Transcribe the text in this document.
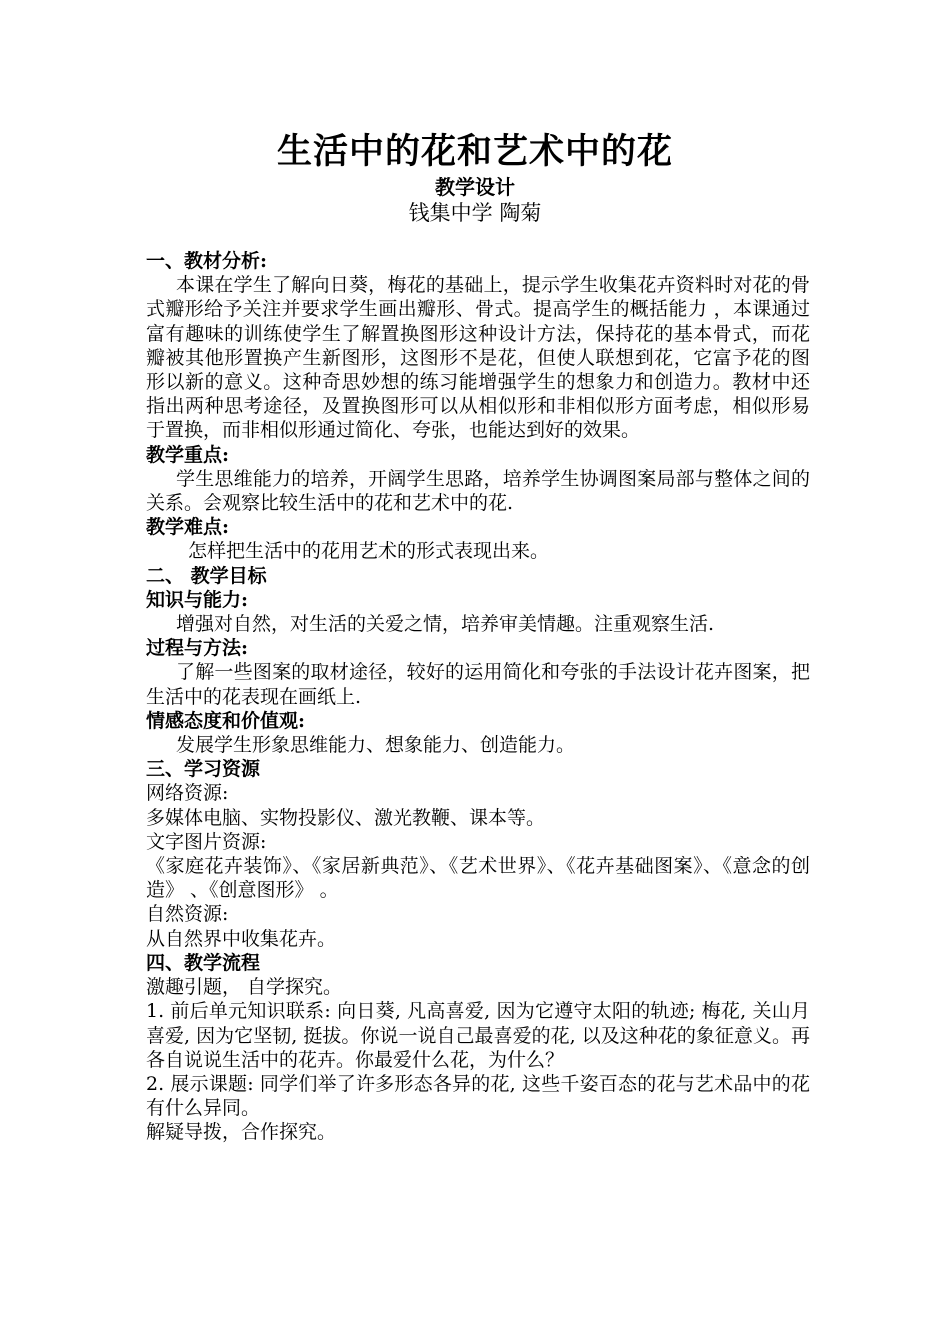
生活中的花和艺术中的花
教学设计
钱集中学 陶菊

一、教材分析:

本课在学生了解向日葵，梅花的基础上，提示学生收集花卉资料时对花的骨式瓣形给予关注并要求学生画出瓣形、骨式。提高学生的概括能力 ，本课通过富有趣味的训练使学生了解置换图形这种设计方法，保持花的基本骨式，而花瓣被其他形置换产生新图形，这图形不是花，但使人联想到花，它富予花的图形以新的意义。这种奇思妙想的练习能增强学生的想象力和创造力。教材中还指出两种思考途径，及置换图形可以从相似形和非相似形方面考虑，相似形易于置换，而非相似形通过简化、夸张，也能达到好的效果。

教学重点:

学生思维能力的培养，开阔学生思路，培养学生协调图案局部与整体之间的关系。会观察比较生活中的花和艺术中的花.

教学难点:

怎样把生活中的花用艺术的形式表现出来。

二、 教学目标

知识与能力:

增强对自然，对生活的关爱之情，培养审美情趣。注重观察生活.

过程与方法:

了解一些图案的取材途径，较好的运用简化和夸张的手法设计花卉图案，把生活中的花表现在画纸上.

情感态度和价值观:

发展学生形象思维能力、想象能力、创造能力。

三、学习资源

网络资源:

多媒体电脑、实物投影仪、激光教鞭、课本等。

文字图片资源:

《家庭花卉装饰》、《家居新典范》、《艺术世界》、《花卉基础图案》、《意念的创造》 、《创意图形》 。

自然资源:

从自然界中收集花卉。

四、教学流程

激趣引题， 自学探究。

1. 前后单元知识联系: 向日葵, 凡高喜爱, 因为它遵守太阳的轨迹; 梅花, 关山月喜爱, 因为它坚韧, 挺拔。你说一说自己最喜爱的花, 以及这种花的象征意义。再各自说说生活中的花卉。你最爱什么花，为什么？

2. 展示课题: 同学们举了许多形态各异的花, 这些千姿百态的花与艺术品中的花有什么异同。

解疑导拨，合作探究。
